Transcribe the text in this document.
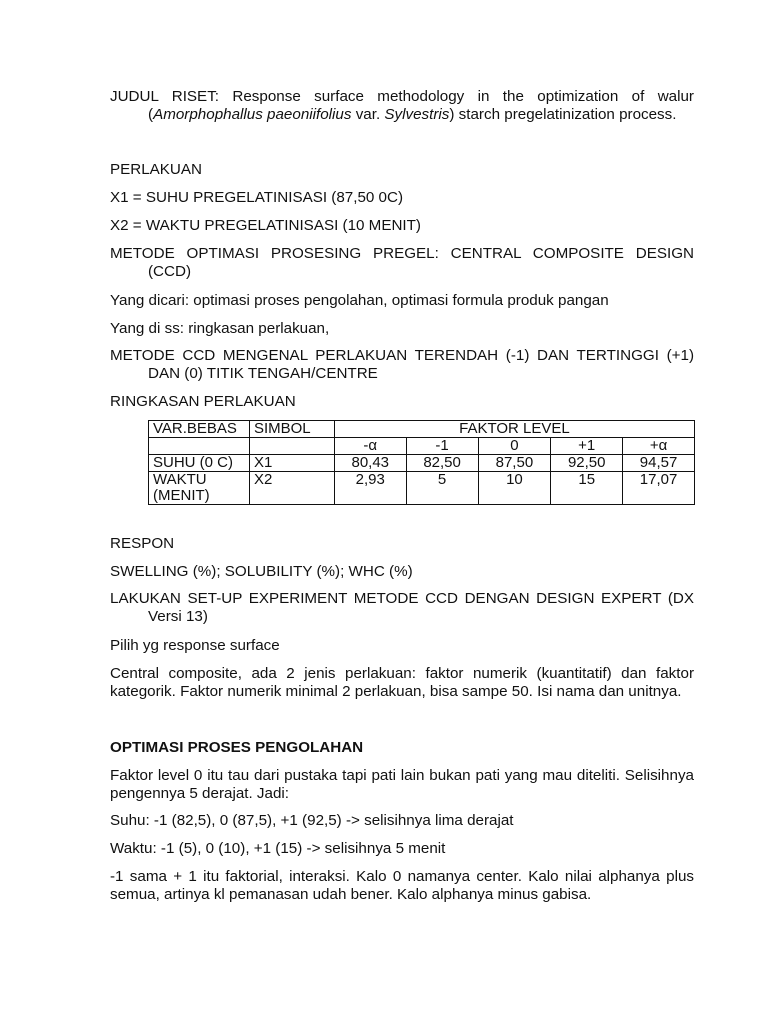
JUDUL RISET: Response surface methodology in the optimization of walur (Amorphophallus paeoniifolius var. Sylvestris) starch pregelatinization process.

PERLAKUAN

X1 = SUHU PREGELATINISASI (87,50 0C)

X2 = WAKTU PREGELATINISASI (10 MENIT)

METODE OPTIMASI PROSESING PREGEL: CENTRAL COMPOSITE DESIGN (CCD)

Yang dicari: optimasi proses pengolahan, optimasi formula produk pangan

Yang di ss: ringkasan perlakuan,

METODE CCD MENGENAL PERLAKUAN TERENDAH (-1) DAN TERTINGGI (+1) DAN (0) TITIK TENGAH/CENTRE

RINGKASAN PERLAKUAN

VAR.BEBAS	SIMBOL	FAKTOR LEVEL				
		-α	-1	0	+1	+α
SUHU (0 C)	X1	80,43	82,50	87,50	92,50	94,57
WAKTU (MENIT)	X2	2,93	5	10	15	17,07

RESPON

SWELLING (%); SOLUBILITY (%); WHC (%)

LAKUKAN SET-UP EXPERIMENT METODE CCD DENGAN DESIGN EXPERT (DX Versi 13)

Pilih yg response surface

Central composite, ada 2 jenis perlakuan: faktor numerik (kuantitatif) dan faktor kategorik. Faktor numerik minimal 2 perlakuan, bisa sampe 50. Isi nama dan unitnya.

OPTIMASI PROSES PENGOLAHAN

Faktor level 0 itu tau dari pustaka tapi pati lain bukan pati yang mau diteliti. Selisihnya pengennya 5 derajat. Jadi:

Suhu: -1 (82,5), 0 (87,5), +1 (92,5) -> selisihnya lima derajat

Waktu: -1 (5), 0 (10), +1 (15) -> selisihnya 5 menit

-1 sama + 1 itu faktorial, interaksi. Kalo 0 namanya center. Kalo nilai alphanya plus semua, artinya kl pemanasan udah bener. Kalo alphanya minus gabisa.
